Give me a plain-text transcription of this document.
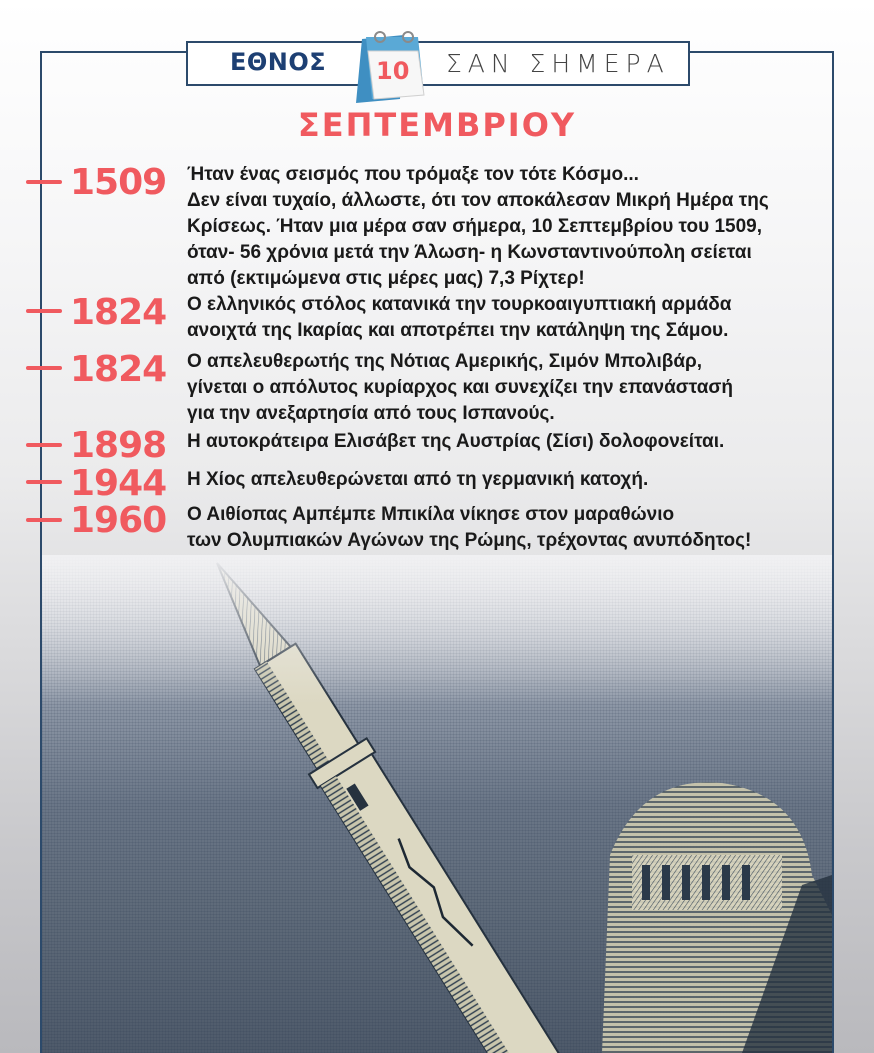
ΕΘΝΟΣ	ΣΑΝ ΣΗΜΕΡΑ
10
ΣΕΠΤΕΜΒΡΙΟΥ
1509	Ήταν ένας σεισμός που τρόμαξε τον τότε Κόσμο...
Δεν είναι τυχαίο, άλλωστε, ότι τον αποκάλεσαν Μικρή Ημέρα της
Κρίσεως. Ήταν μια μέρα σαν σήμερα, 10 Σεπτεμβρίου του 1509,
όταν- 56 χρόνια μετά την Άλωση- η Κωνσταντινούπολη σείεται
από (εκτιμώμενα στις μέρες μας) 7,3 Ρίχτερ!
1824	Ο ελληνικός στόλος κατανικά την τουρκοαιγυπτιακή αρμάδα
ανοιχτά της Ικαρίας και αποτρέπει την κατάληψη της Σάμου.
1824	Ο απελευθερωτής της Νότιας Αμερικής, Σιμόν Μπολιβάρ,
γίνεται ο απόλυτος κυρίαρχος και συνεχίζει την επανάστασή
για την ανεξαρτησία από τους Ισπανούς.
1898	Η αυτοκράτειρα Ελισάβετ της Αυστρίας (Σίσι) δολοφονείται.
1944	Η Χίος απελευθερώνεται από τη γερμανική κατοχή.
1960	Ο Αιθίοπας Αμπέμπε Μπικίλα νίκησε στον μαραθώνιο
των Ολυμπιακών Αγώνων της Ρώμης, τρέχοντας ανυπόδητος!
